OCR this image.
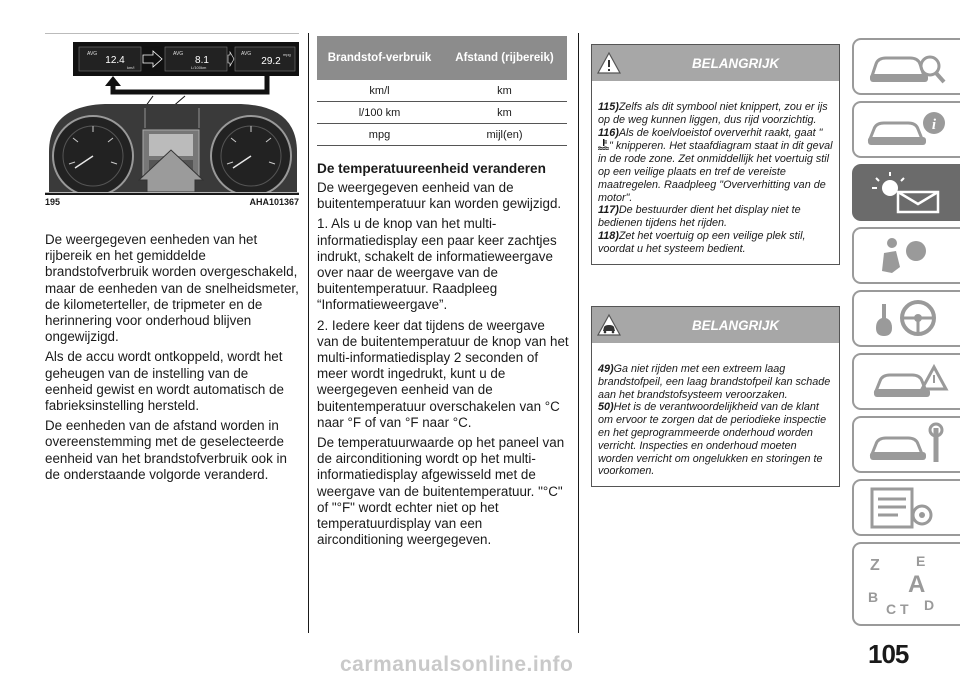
AVG
12.4
km/l
AVG
8.1
L/100km
AVG
29.2
mpg
195	AHA101367

De weergegeven eenheden van het rijbereik en het gemiddelde brandstofverbruik worden overgeschakeld, maar de eenheden van de snelheidsmeter, de kilometerteller, de tripmeter en de herinnering voor onderhoud blijven ongewijzigd.

Als de accu wordt ontkoppeld, wordt het geheugen van de instelling van de eenheid gewist en wordt automatisch de fabrieksinstelling hersteld.

De eenheden van de afstand worden in overeenstemming met de geselecteerde eenheid van het brandstofverbruik ook in de onderstaande volgorde veranderd.

Brandstof-verbruik	Afstand (rijbereik)
km/l	km
l/100 km	km
mpg	mijl(en)
De temperatuureenheid veranderen

De weergegeven eenheid van de buitentemperatuur kan worden gewijzigd.

1. Als u de knop van het multi-informatiedisplay een paar keer zachtjes indrukt, schakelt de informatieweergave over naar de weergave van de buitentemperatuur. Raadpleeg “Informatieweergave”.

2. Iedere keer dat tijdens de weergave van de buitentemperatuur de knop van het multi-informatiedisplay 2 seconden of meer wordt ingedrukt, kunt u de weergegeven eenheid van de buitentemperatuur overschakelen van °C naar °F of van °F naar °C.

De temperatuurwaarde op het paneel van de airconditioning wordt op het multi-informatiedisplay afgewisseld met de weergave van de buitentemperatuur. "°C" of "°F" wordt echter niet op het temperatuurdisplay van een airconditioning weergegeven.

BELANGRIJK

115)Zelfs als dit symbool niet knippert, zou er ijs op de weg kunnen liggen, dus rijd voorzichtig.

116)Als de koelvloeistof oververhit raakt, gaat "" knipperen. Het staafdiagram staat in dit geval in de rode zone. Zet onmiddellijk het voertuig stil op een veilige plaats en tref de vereiste maatregelen. Raadpleeg "Oververhitting van de motor".

117)De bestuurder dient het display niet te bedienen tijdens het rijden.

118)Zet het voertuig op een veilige plek stil, voordat u het systeem bedient.

BELANGRIJK

49)Ga niet rijden met een extreem laag brandstofpeil, een laag brandstofpeil kan schade aan het brandstofsysteem veroorzaken.

50)Het is de verantwoordelijkheid van de klant om ervoor te zorgen dat de periodieke inspectie en het geprogrammeerde onderhoud worden verricht. Inspecties en onderhoud moeten worden verricht om ongelukken en storingen te voorkomen.

i
Z	E
A
B
C T D
105
carmanualsonline.info
